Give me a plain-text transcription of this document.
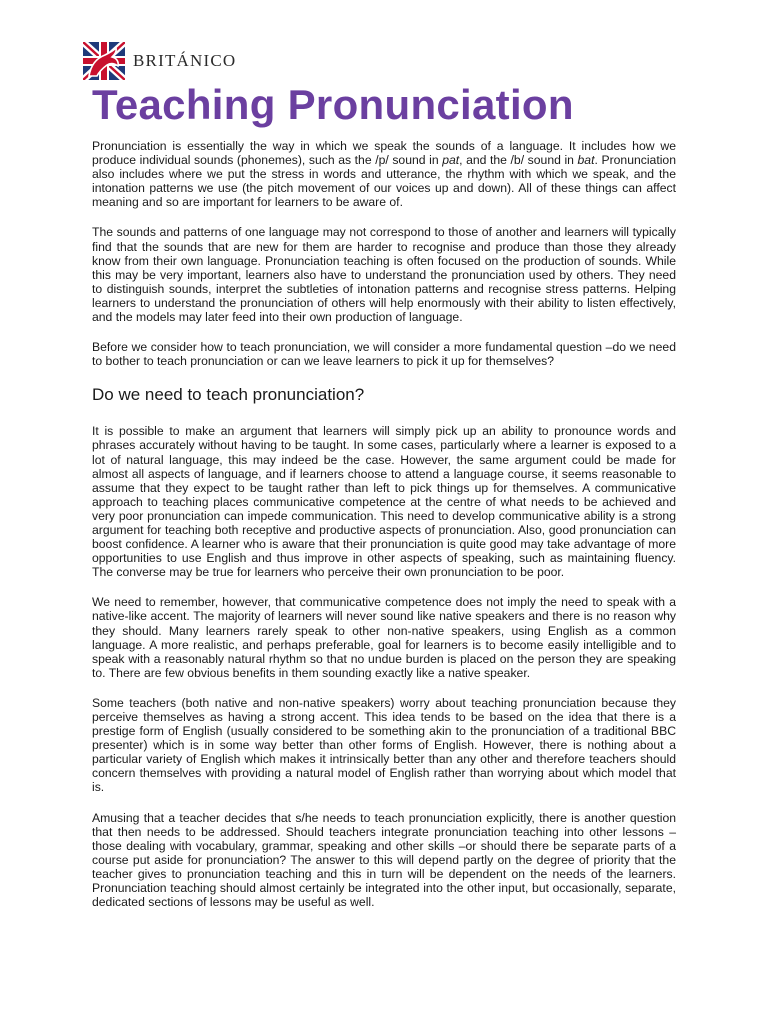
BRITÁNICO
Teaching Pronunciation

Pronunciation is essentially the way in which we speak the sounds of a language. It includes how we produce individual sounds (phonemes), such as the /p/ sound in pat, and the /b/ sound in bat. Pronunciation also includes where we put the stress in words and utterance, the rhythm with which we speak, and the intonation patterns we use (the pitch movement of our voices up and down). All of these things can affect meaning and so are important for learners to be aware of.

The sounds and patterns of one language may not correspond to those of another and learners will typically find that the sounds that are new for them are harder to recognise and produce than those they already know from their own language. Pronunciation teaching is often focused on the production of sounds. While this may be very important, learners also have to understand the pronunciation used by others. They need to distinguish sounds, interpret the subtleties of intonation patterns and recognise stress patterns. Helping learners to understand the pronunciation of others will help enormously with their ability to listen effectively, and the models may later feed into their own production of language.

Before we consider how to teach pronunciation, we will consider a more fundamental question –do we need to bother to teach pronunciation or can we leave learners to pick it up for themselves?

Do we need to teach pronunciation?

It is possible to make an argument that learners will simply pick up an ability to pronounce words and phrases accurately without having to be taught. In some cases, particularly where a learner is exposed to a lot of natural language, this may indeed be the case. However, the same argument could be made for almost all aspects of language, and if learners choose to attend a language course, it seems reasonable to assume that they expect to be taught rather than left to pick things up for themselves. A communicative approach to teaching places communicative competence at the centre of what needs to be achieved and very poor pronunciation can impede communication. This need to develop communicative ability is a strong argument for teaching both receptive and productive aspects of pronunciation. Also, good pronunciation can boost confidence. A learner who is aware that their pronunciation is quite good may take advantage of more opportunities to use English and thus improve in other aspects of speaking, such as maintaining fluency. The converse may be true for learners who perceive their own pronunciation to be poor.

We need to remember, however, that communicative competence does not imply the need to speak with a native-like accent. The majority of learners will never sound like native speakers and there is no reason why they should. Many learners rarely speak to other non-native speakers, using English as a common language. A more realistic, and perhaps preferable, goal for learners is to become easily intelligible and to speak with a reasonably natural rhythm so that no undue burden is placed on the person they are speaking to. There are few obvious benefits in them sounding exactly like a native speaker.

Some teachers (both native and non-native speakers) worry about teaching pronunciation because they perceive themselves as having a strong accent. This idea tends to be based on the idea that there is a prestige form of English (usually considered to be something akin to the pronunciation of a traditional BBC presenter) which is in some way better than other forms of English. However, there is nothing about a particular variety of English which makes it intrinsically better than any other and therefore teachers should concern themselves with providing a natural model of English rather than worrying about which model that is.

Amusing that a teacher decides that s/he needs to teach pronunciation explicitly, there is another question that then needs to be addressed. Should teachers integrate pronunciation teaching into other lessons –those dealing with vocabulary, grammar, speaking and other skills –or should there be separate parts of a course put aside for pronunciation? The answer to this will depend partly on the degree of priority that the teacher gives to pronunciation teaching and this in turn will be dependent on the needs of the learners. Pronunciation teaching should almost certainly be integrated into the other input, but occasionally, separate, dedicated sections of lessons may be useful as well.
